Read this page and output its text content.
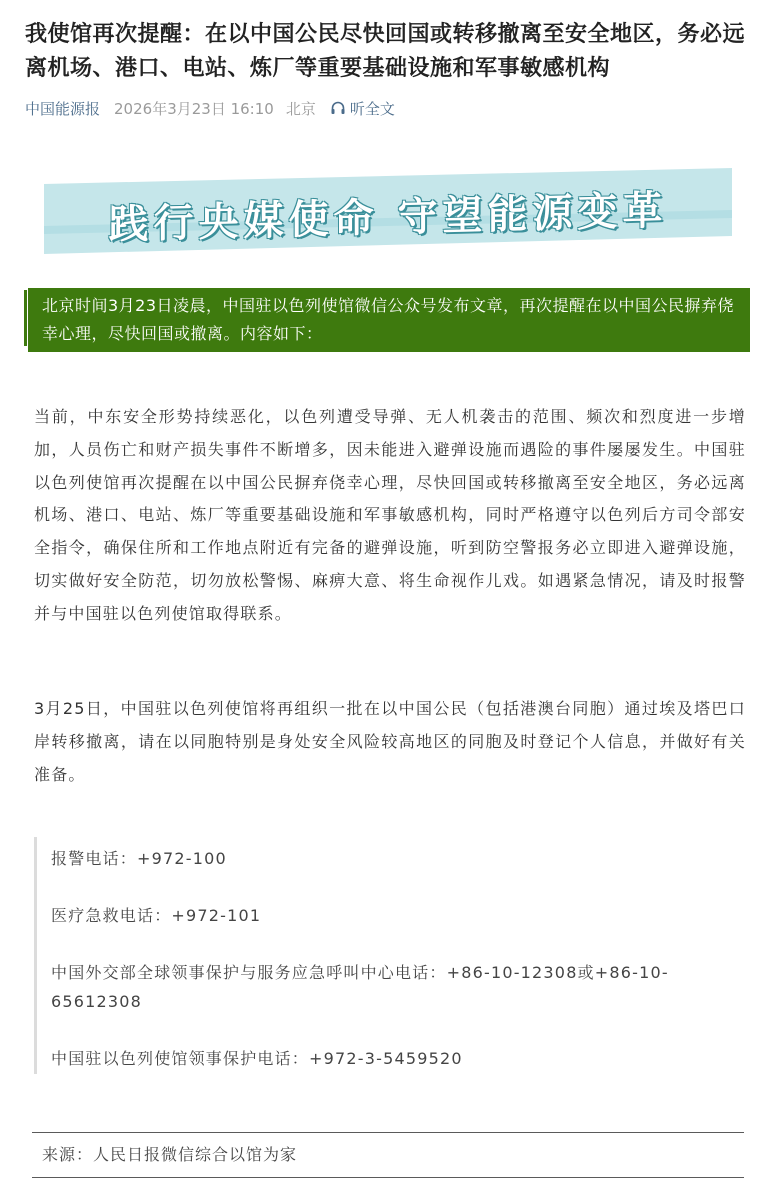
我使馆再次提醒：在以中国公民尽快回国或转移撤离至安全地区，务必远离机场、港口、电站、炼厂等重要基础设施和军事敏感机构
中国能源报 2026年3月23日 16:10 北京 听全文
践行央媒使命 守望能源变革
北京时间3月23日凌晨，中国驻以色列使馆微信公众号发布文章，再次提醒在以中国公民摒弃侥幸心理，尽快回国或撤离。内容如下：

当前，中东安全形势持续恶化，以色列遭受导弹、无人机袭击的范围、频次和烈度进一步增加，人员伤亡和财产损失事件不断增多，因未能进入避弹设施而遇险的事件屡屡发生。中国驻以色列使馆再次提醒在以中国公民摒弃侥幸心理，尽快回国或转移撤离至安全地区，务必远离机场、港口、电站、炼厂等重要基础设施和军事敏感机构，同时严格遵守以色列后方司令部安全指令，确保住所和工作地点附近有完备的避弹设施，听到防空警报务必立即进入避弹设施，切实做好安全防范，切勿放松警惕、麻痹大意、将生命视作儿戏。如遇紧急情况，请及时报警并与中国驻以色列使馆取得联系。

3月25日，中国驻以色列使馆将再组织一批在以中国公民（包括港澳台同胞）通过埃及塔巴口岸转移撤离，请在以同胞特别是身处安全风险较高地区的同胞及时登记个人信息，并做好有关准备。

报警电话：+972-100
医疗急救电话：+972-101
中国外交部全球领事保护与服务应急呼叫中心电话：+86-10-12308或+86-10-65612308
中国驻以色列使馆领事保护电话：+972-3-5459520
来源：人民日报微信综合以馆为家
